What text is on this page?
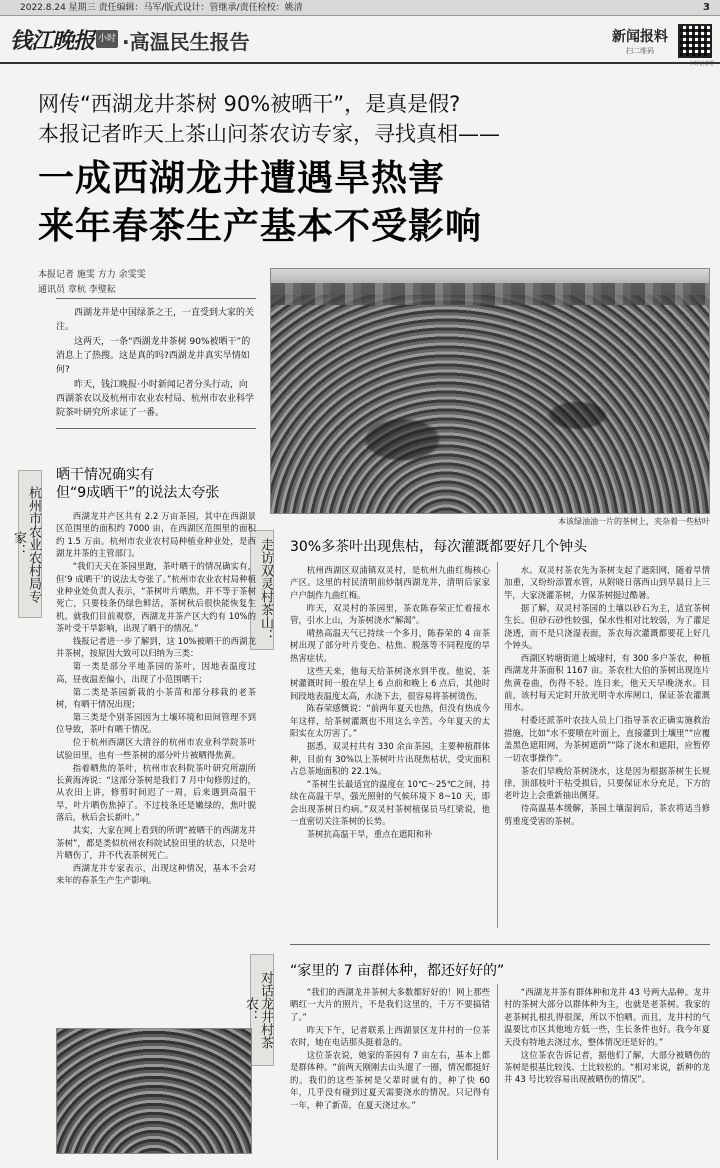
2022.8.24 星期三 责任编辑：马军/版式设计：管继承/责任检校：姚清	3
钱江晚报 小时 ·高温民生报告	新闻报料
扫二维码
小时记者帮
网传“西湖龙井茶树 90%被晒干”，是真是假?
本报记者昨天上茶山问茶农访专家，寻找真相——
一成西湖龙井遭遇旱热害
来年春茶生产基本不受影响
本报记者 施雯 方力 余雯雯
通讯员 章杭 李璧耘
本该绿油油一片的茶树上，夹杂着一些枯叶

西湖龙井是中国绿茶之王，一直受到大家的关注。

这两天，一条“西湖龙井茶树 90%被晒干”的消息上了热搜。这是真的吗?西湖龙井真实旱情如何?

昨天，钱江晚报·小时新闻记者分头行动，向西湖茶农以及杭州市农业农村局、杭州市农业科学院茶叶研究所求证了一番。

杭州市农业农村局专家：	走访双灵村茶山：
对话龙井村茶农：
晒干情况确实有
但“9成晒干”的说法太夸张
30%多茶叶出现焦枯，每次灌溉都要好几个钟头
“家里的 7 亩群体种，都还好好的”

西湖龙井产区共有 2.2 万亩茶园，其中在西湖景区范围里的面积约 7000 亩，在西湖区范围里的面积约 1.5 万亩。杭州市农业农村局种植业种业处，是西湖龙井茶的主管部门。

“我们天天在茶园里跑，茶叶晒干的情况确实有，但‘9 成晒干’的说法太夸张了。”杭州市农业农村局种植业种业处负责人表示，“茶树叶片晒焦，并不等于茶树死亡，只要枝条仍绿色鲜活，茶树秋后很快能恢复生机。就我们目前观察，西湖龙井茶产区大约有 10%的茶叶受干旱影响，出现了晒干的情况。”

钱报记者进一步了解到，这 10%被晒干的西湖龙井茶树，按原因大致可以归纳为三类：

第一类是部分平地茶园的茶叶，因地表温度过高，昼夜温差偏小，出现了小范围晒干；

第二类是茶园新栽的小茶苗和部分移栽的老茶树，有晒干情况出现；

第三类是个别茶园因为土壤环境和田间管理不到位导致，茶叶有晒干情况。

位于杭州西湖区大清谷的杭州市农业科学院茶叶试验田里，也有一些茶树的部分叶片被晒得焦黄。

指着晒焦的茶叶，杭州市农科院茶叶研究所副所长黄海涛说：“这部分茶树是我们 7 月中旬修剪过的，从农田上讲，修剪时间迟了一周，后来遇到高温干旱，叶片晒伤焦掉了。不过枝条还是嫩绿的，焦叶脱落后，秋后会长新叶。”

其实，大家在网上看到的所谓“被晒干的西湖龙井茶树”，都是类似杭州农科院试验田里的状态，只是叶片晒伤了，并不代表茶树死亡。

西湖龙井专家表示，出现这种情况，基本不会对来年的春茶生产生产影响。

杭州西湖区双浦镇双灵村，是杭州九曲红梅核心产区。这里的村民清明前炒制西湖龙井，清明后家家户户制作九曲红梅。

昨天，双灵村的茶园里，茶农陈春荣正忙着接水管，引水上山，为茶树浇水“解渴”。

晴热高温天气已持续一个多月，陈春荣的 4 亩茶树出现了部分叶片变色、枯焦、脱落等不同程度的旱热害症状。

这些天来，他每天给茶树浇水到半夜。他说，茶树灌溉时间一般在早上 6 点前和晚上 6 点后，其他时间段地表温度太高，水浇下去，很容易将茶树烫伤。

陈春荣感慨说：“前两年夏天也热，但没有热成今年这样，给茶树灌溉也不用这么辛苦。今年夏天的太阳实在太厉害了。”

据悉，双灵村共有 330 余亩茶园，主要种植群体种，目前有 30%以上茶树叶片出现焦枯状，受灾面积占总茶地面积的 22.1%。

“茶树生长最适宜的温度在 10℃～25℃之间，持续在高温干旱，强光照射的气候环境下 8~10 天，即会出现茶树日灼病。”双灵村茶树植保员马红梁说，他一直密切关注茶树的长势。

茶树抗高温干旱，重点在遮阳和补

水。双灵村茶农先为茶树支起了遮阳网，随着旱情加重，又纷纷添置水管，从附晓日落西山到早晨日上三竿，大家浇灌茶树，力保茶树挺过酷暑。

据了解，双灵村茶园的土壤以砂石为主，适宜茶树生长。但砂石砂性较强，保水性相对比较弱，为了灌足浇透，而不是只浇湿表面，茶农每次灌溉都要花上好几个钟头。

西湖区转塘街道上城埭村，有 300 多户茶农，种植西湖龙井茶面积 1167 亩。茶农杜大伯的茶树出现连片焦黄卷曲，伤得不轻。连日来，他天天早晚浇水。目前，该村每天定时开放光明寺水库闸口，保证茶农灌溉用水。

村委还派茶叶农技人员上门指导茶农正确实施救治措施，比如“水不要喷在叶面上，直接灌到土壤里”“应覆盖黑色遮阳网，为茶树遮荫”“除了浇水和遮阳，应暂停一切农事操作”。

茶农们早晚给茶树浇水，这是因为根据茶树生长规律，顶部枝叶干枯受损后，只要保证水分充足，下方的老叶边上会重新抽出侧芽。

待高温基本缓解，茶园土壤湿润后，茶农将适当修剪重度受害的茶树。

“我们的西湖龙井茶树大多数都好好的！网上那些晒红一大片的照片，不是我们这里的，千万不要搞错了。”

昨天下午，记者联系上西湖景区龙井村的一位茶农时，她在电话那头挺着急的。

这位茶农说，她家的茶园有 7 亩左右，基本上都是群体种。“前两天刚刚去山头遛了一圈，情况都挺好的。我们的这些茶树是父辈时就有的，种了快 60 年，几乎没有碰到过夏天需要浇水的情况。只记得有一年，种了新苗，在夏天浇过水。”

“西湖龙井茶有群体种和龙井 43 号两大品种。龙井村的茶树大部分以群体种为主，也就是老茶树。我家的老茶树扎根扎得很深，所以不怕晒。而且，龙井村的气温要比市区其他地方低一些，生长条件也好。我今年夏天没有特地去浇过水，整体情况还是好的。”

这位茶农告诉记者，据他们了解，大部分被晒伤的茶树是根基比较浅、土比较松的。“相对来说，新种的龙井 43 号比较容易出现被晒伤的情况”。
